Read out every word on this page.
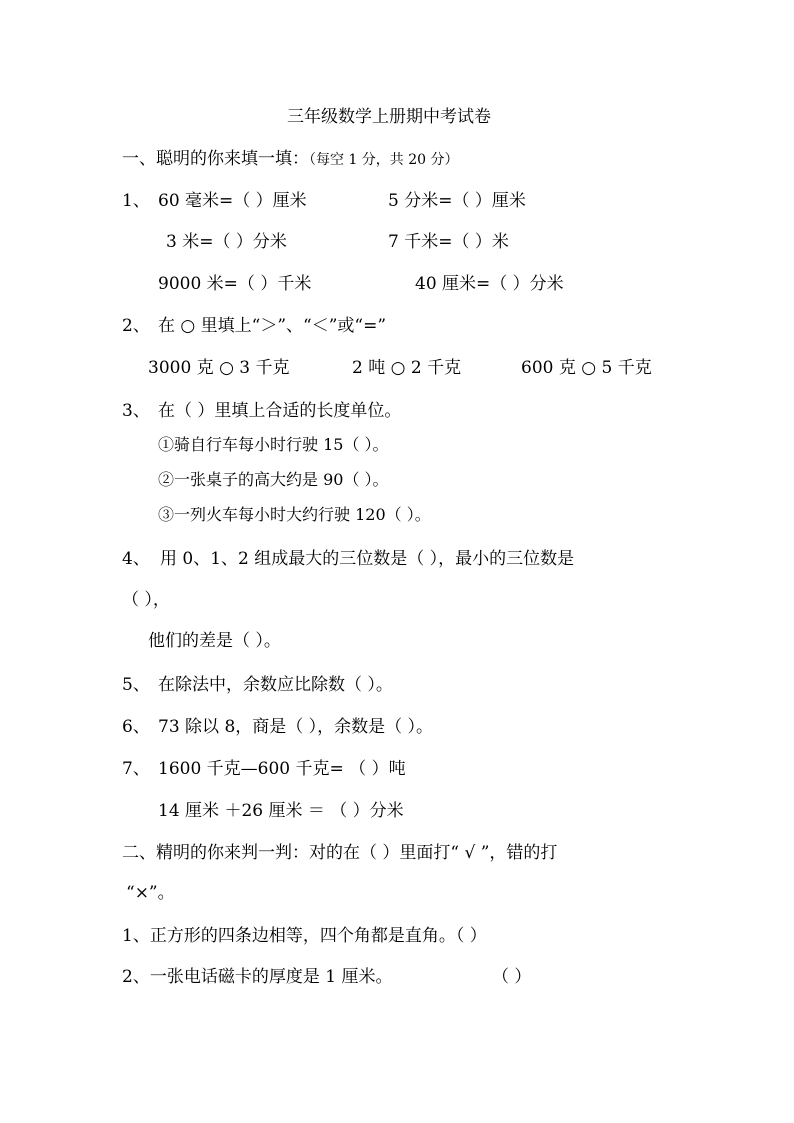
三年级数学上册期中考试卷
一、聪明的你来填一填：（每空 1 分，共 20 分）
1、 60 毫米=（ ）厘米	5 分米=（ ）厘米
3 米=（ ）分米	7 千米=（ ）米
9000 米=（ ）千米	40 厘米=（ ）分米
2、 在 ○ 里填上“＞”、“＜”或“=”
3000 克 ○ 3 千克	2 吨 ○ 2 千克	600 克 ○ 5 千克
3、 在（ ）里填上合适的长度单位。
①骑自行车每小时行驶 15（ ）。
②一张桌子的高大约是 90（ ）。
③一列火车每小时大约行驶 120（ ）。
4、 用 0、1、2 组成最大的三位数是（ ），最小的三位数是
（ ），
他们的差是（ ）。
5、 在除法中，余数应比除数（ ）。
6、 73 除以 8，商是（ ），余数是（ ）。
7、 1600 千克—600 千克= （ ）吨
14 厘米 ＋26 厘米 ＝ （ ）分米
二、精明的你来判一判：对的在（ ）里面打“ √ ”，错的打
“×”。
1、正方形的四条边相等，四个角都是直角。（ ）
2、一张电话磁卡的厚度是 1 厘米。	（ ）
